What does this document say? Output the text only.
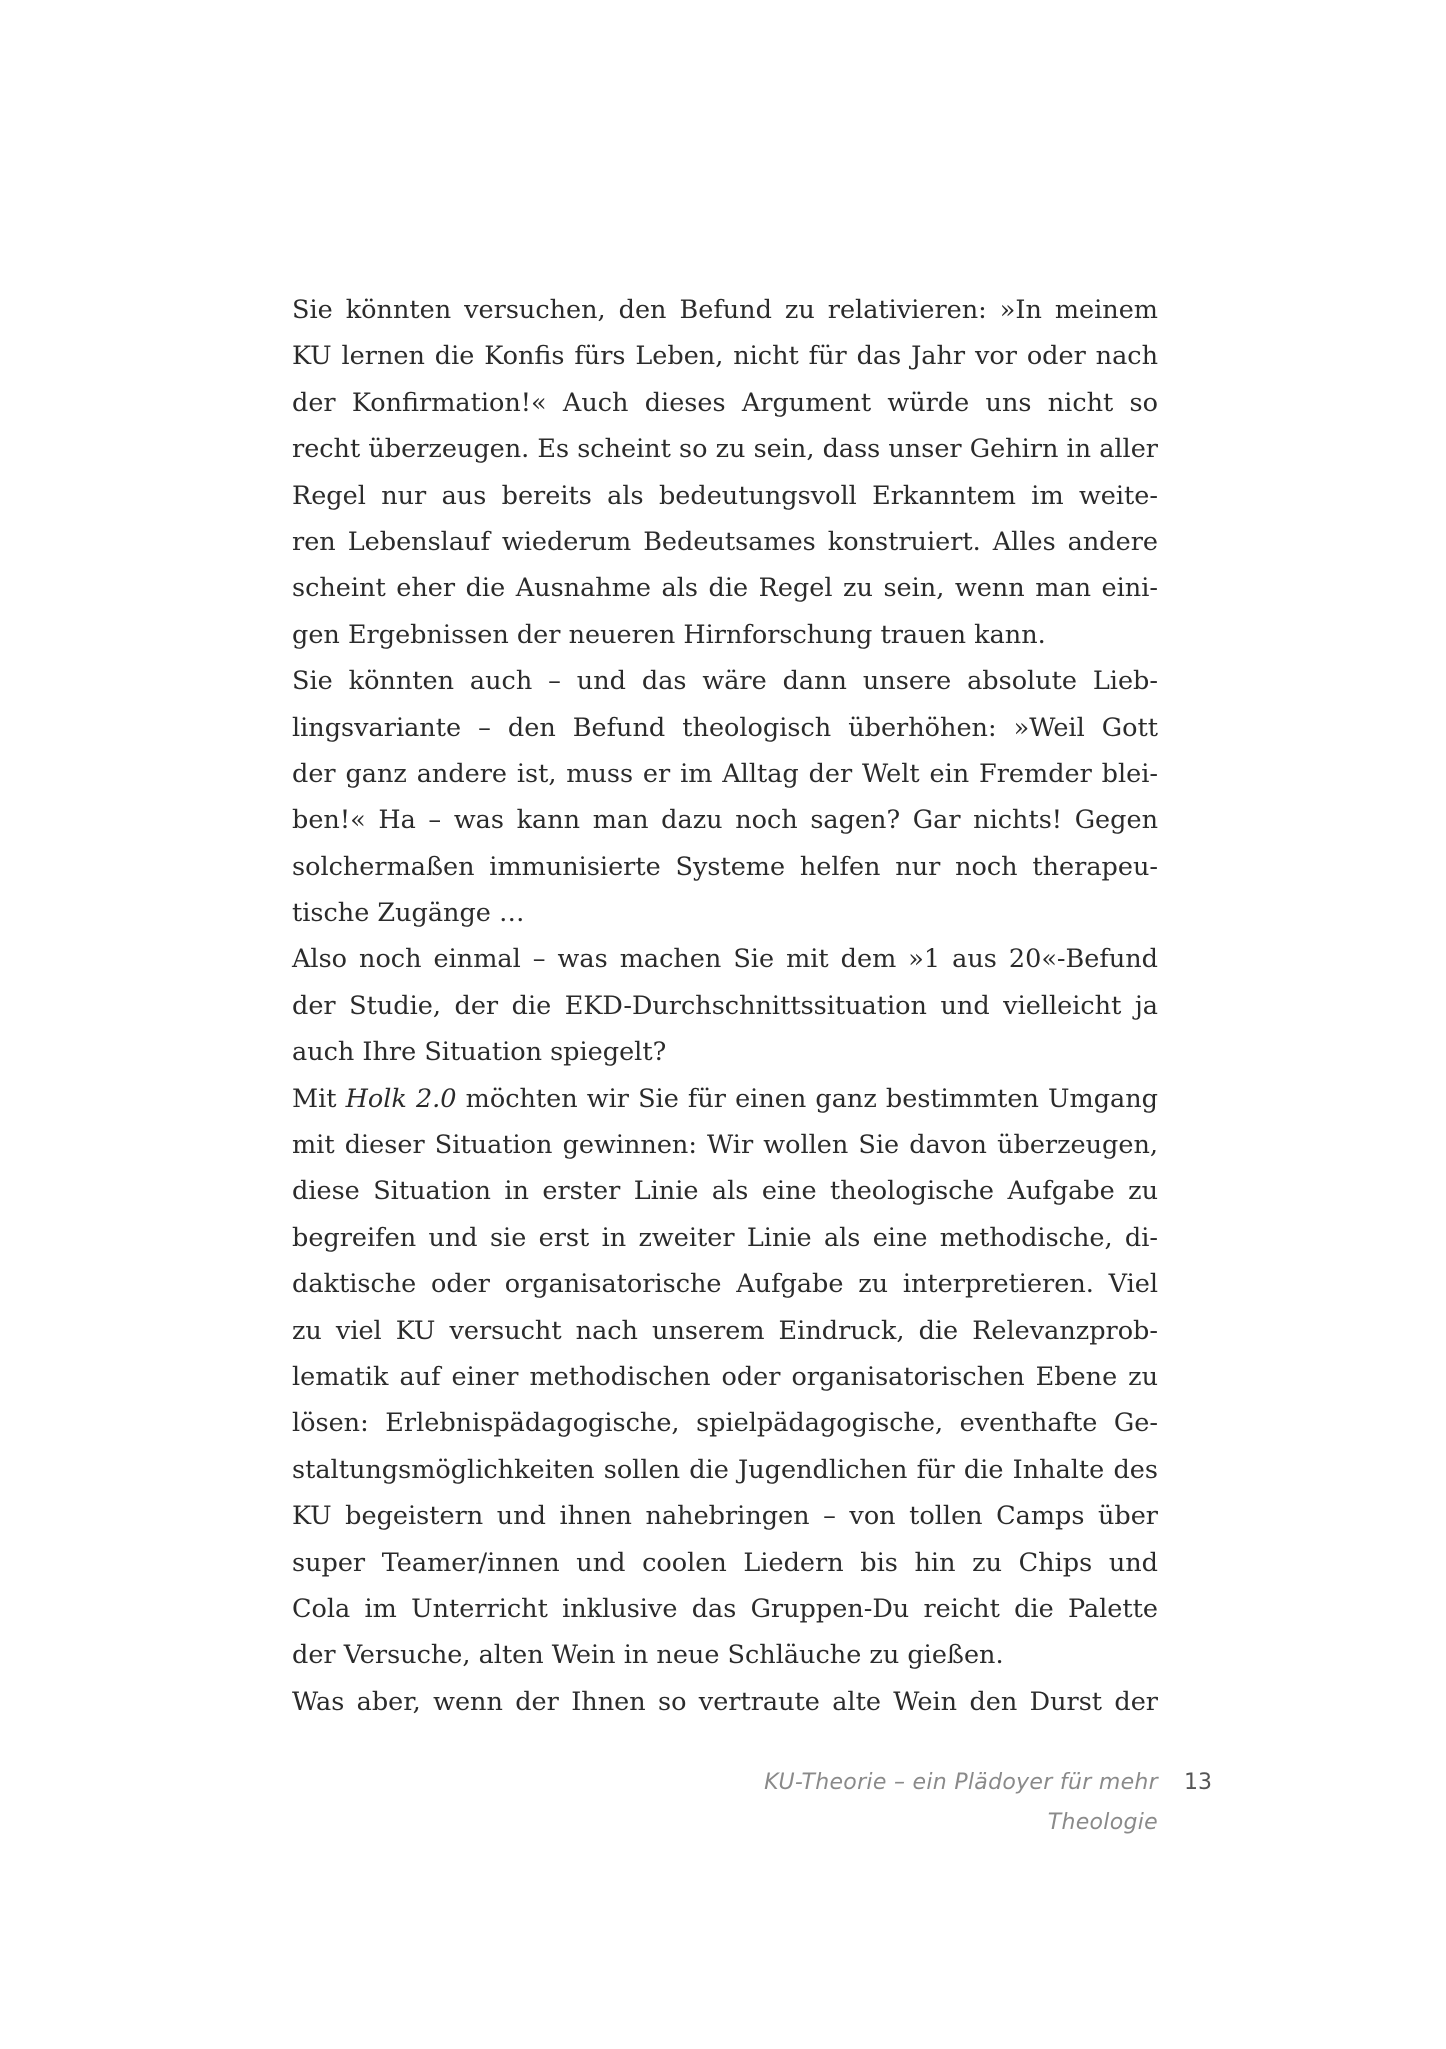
Sie könnten versuchen, den Befund zu relativieren: »In meinem
KU lernen die Konfis fürs Leben, nicht für das Jahr vor oder nach
der Konfirmation!« Auch dieses Argument würde uns nicht so
recht überzeugen. Es scheint so zu sein, dass unser Gehirn in aller
Regel nur aus bereits als bedeutungsvoll Erkanntem im weite-
ren Lebenslauf wiederum Bedeutsames konstruiert. Alles andere
scheint eher die Ausnahme als die Regel zu sein, wenn man eini-
gen Ergebnissen der neueren Hirnforschung trauen kann.
Sie könnten auch – und das wäre dann unsere absolute Lieb-
lingsvariante – den Befund theologisch überhöhen: »Weil Gott
der ganz andere ist, muss er im Alltag der Welt ein Fremder blei-
ben!« Ha – was kann man dazu noch sagen? Gar nichts! Gegen
solchermaßen immunisierte Systeme helfen nur noch therapeu-
tische Zugänge …
Also noch einmal – was machen Sie mit dem »1 aus 20«-Befund
der Studie, der die EKD-Durchschnittssituation und vielleicht ja
auch Ihre Situation spiegelt?
Mit Holk 2.0 möchten wir Sie für einen ganz bestimmten Umgang
mit dieser Situation gewinnen: Wir wollen Sie davon überzeugen,
diese Situation in erster Linie als eine theologische Aufgabe zu
begreifen und sie erst in zweiter Linie als eine methodische, di-
daktische oder organisatorische Aufgabe zu interpretieren. Viel
zu viel KU versucht nach unserem Eindruck, die Relevanzprob-
lematik auf einer methodischen oder organisatorischen Ebene zu
lösen: Erlebnispädagogische, spielpädagogische, eventhafte Ge-
staltungsmöglichkeiten sollen die Jugendlichen für die Inhalte des
KU begeistern und ihnen nahebringen – von tollen Camps über
super Teamer/innen und coolen Liedern bis hin zu Chips und
Cola im Unterricht inklusive das Gruppen-Du reicht die Palette
der Versuche, alten Wein in neue Schläuche zu gießen.
Was aber, wenn der Ihnen so vertraute alte Wein den Durst der
KU-Theorie – ein Plädoyer für mehr Theologie
13
